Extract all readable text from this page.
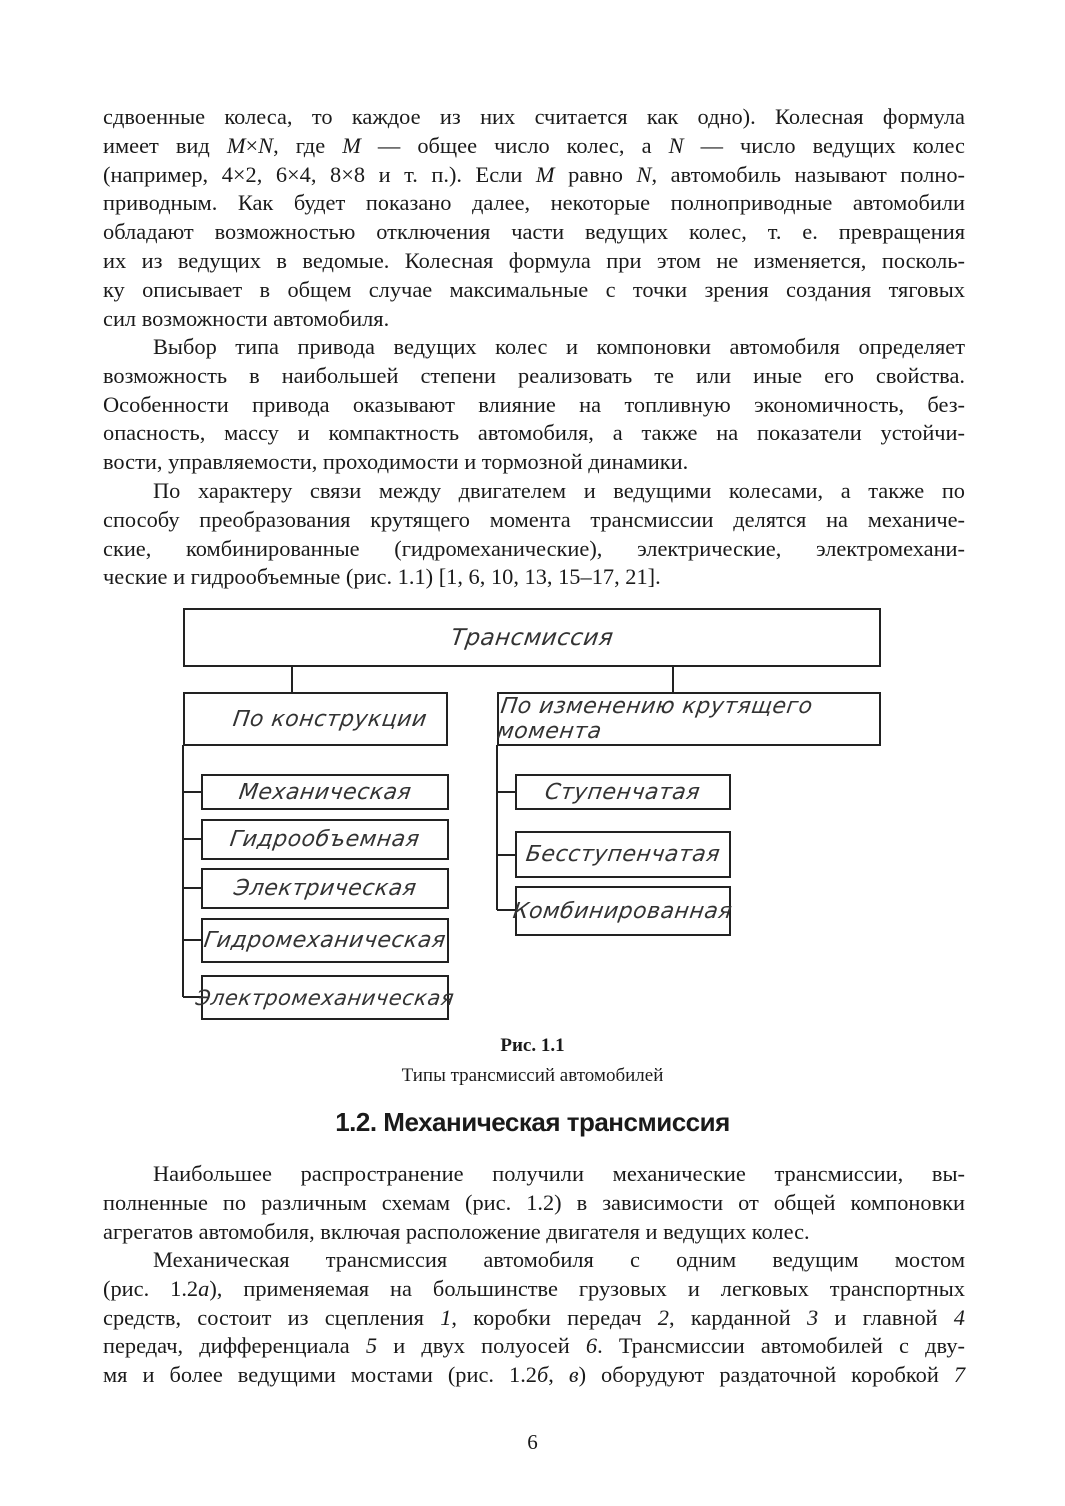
сдвоенные колеса, то каждое из них считается как одно). Колесная формула
имеет вид M×N, где M — общее число колес, а N — число ведущих колес
(например, 4×2, 6×4, 8×8 и т. п.). Если M равно N, автомобиль называют полно-
приводным. Как будет показано далее, некоторые полноприводные автомобили
обладают возможностью отключения части ведущих колес, т. е. превращения
их из ведущих в ведомые. Колесная формула при этом не изменяется, посколь-
ку описывает в общем случае максимальные с точки зрения создания тяговых
сил возможности автомобиля.
Выбор типа привода ведущих колес и компоновки автомобиля определяет
возможность в наибольшей степени реализовать те или иные его свойства.
Особенности привода оказывают влияние на топливную экономичность, без-
опасность, массу и компактность автомобиля, а также на показатели устойчи-
вости, управляемости, проходимости и тормозной динамики.
По характеру связи между двигателем и ведущими колесами, а также по
способу преобразования крутящего момента трансмиссии делятся на механиче-
ские, комбинированные (гидромеханические), электрические, электромехани-
ческие и гидрообъемные (рис. 1.1) [1, 6, 10, 13, 15–17, 21].
Трансмиссия
По конструкции	По изменению крутящего момента
Механическая
Гидрообъемная
Электрическая
Гидромеханическая
Электромеханическая
Ступенчатая
Бесступенчатая
Комбинированная
Рис. 1.1
Типы трансмиссий автомобилей
1.2. Механическая трансмиссия
Наибольшее распространение получили механические трансмиссии, вы-
полненные по различным схемам (рис. 1.2) в зависимости от общей компоновки
агрегатов автомобиля, включая расположение двигателя и ведущих колес.
Механическая трансмиссия автомобиля с одним ведущим мостом
(рис. 1.2а), применяемая на большинстве грузовых и легковых транспортных
средств, состоит из сцепления 1, коробки передач 2, карданной 3 и главной 4
передач, дифференциала 5 и двух полуосей 6. Трансмиссии автомобилей с дву-
мя и более ведущими мостами (рис. 1.2б, в) оборудуют раздаточной коробкой 7
6
